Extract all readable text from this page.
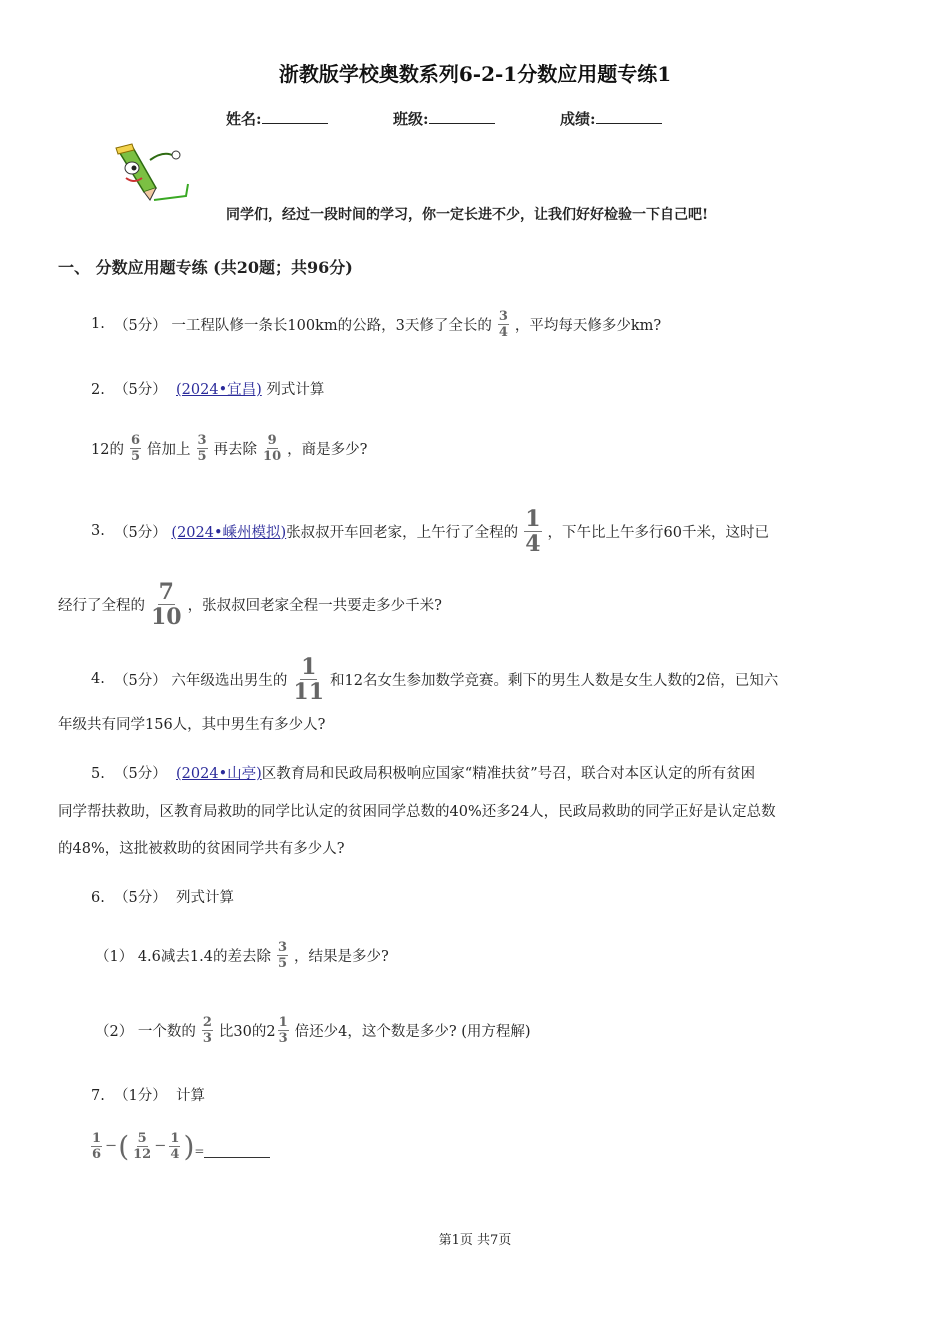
浙教版学校奥数系列6-2-1分数应用题专练1
姓名:	班级:	成绩:
同学们，经过一段时间的学习，你一定长进不少，让我们好好检验一下自己吧!
一、 分数应用题专练 (共20题；共96分)
1.
（5分）
一工程队修一条长100km的公路，3天修了全长的 $\frac{3}{4}$ ，平均每天修多少km?
2. （5分） (2024•宜昌) 列式计算
12的 $\frac{6}{5}$ 倍加上 $\frac{3}{5}$ 再去除 $\frac{9}{10}$ ，商是多少?
3.
（5分）
(2024•嵊州模拟) 张叔叔开车回老家，上午行了全程的 $\frac{1}{4}$ ，下午比上午多行60千米，这时已
经行了全程的 $\frac{7}{10}$ ，张叔叔回老家全程一共要走多少千米?
4.
（5分）
六年级选出男生的 $\frac{1}{11}$ 和12名女生参加数学竞赛。剩下的男生人数是女生人数的2倍，已知六
年级共有同学156人，其中男生有多少人?
5. （5分） (2024•山亭)区教育局和民政局积极响应国家“精准扶贫”号召，联合对本区认定的所有贫困
同学帮扶救助，区教育局救助的同学比认定的贫困同学总数的40%还多24人，民政局救助的同学正好是认定总数
的48%，这批被救助的贫困同学共有多少人?
6. （5分） 列式计算
（1） 4.6减去1.4的差去除 $\frac{3}{5}$ ，结果是多少?
（2） 一个数的 $\frac{2}{3}$ 比30的$2 \frac{1}{3}$ 倍还少4，这个数是多少? (用方程解)
7. （1分） 计算
$\frac{1}{6}$ − ( $\frac{5}{12} - \frac{1}{4}$ ) =
第1页 共7页
